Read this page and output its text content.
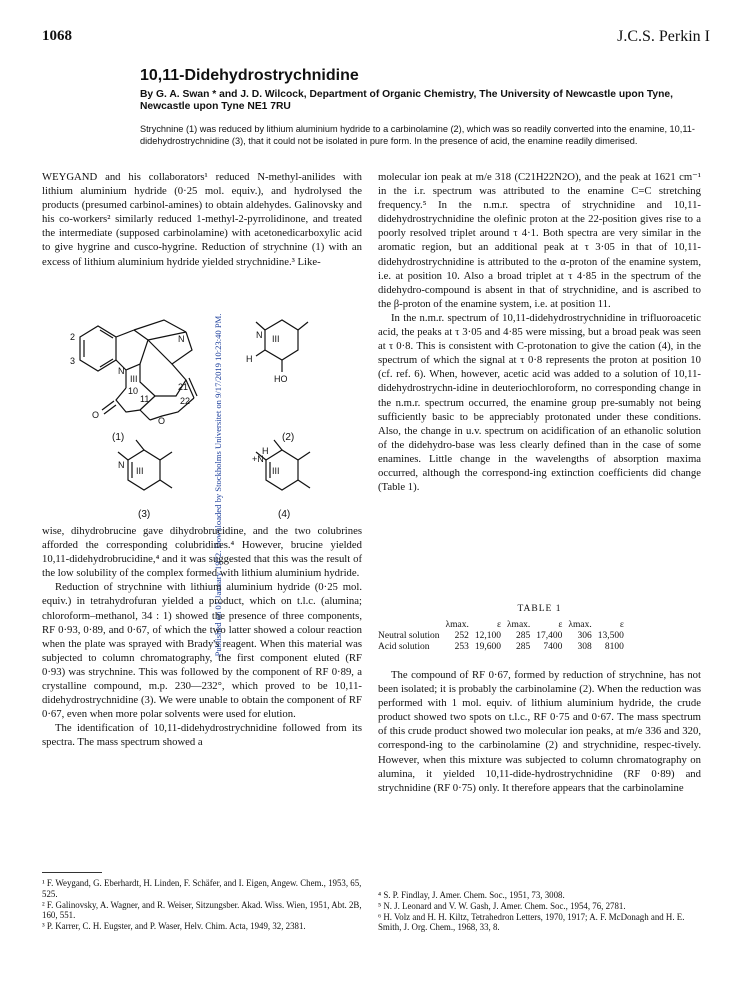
1068	J.C.S. Perkin I
Published on 01 January 1972. Downloaded by Stockholms Universitet on 9/17/2019 10:23:40 PM.
10,11-Didehydrostrychnidine
By G. A. Swan * and J. D. Wilcock, Department of Organic Chemistry, The University of Newcastle upon Tyne, Newcastle upon Tyne NE1 7RU
Strychnine (1) was reduced by lithium aluminium hydride to a carbinolamine (2), which was so readily converted into the enamine, 10,11-didehydrostrychnidine (3), that it could not be isolated in pure form. In the presence of acid, the enamine readily dimerised.

WEYGAND and his collaborators¹ reduced N-methyl-anilides with lithium aluminium hydride (0·25 mol. equiv.), and hydrolysed the products (presumed carbinol-amines) to obtain aldehydes. Galinovsky and his co-workers² similarly reduced 1-methyl-2-pyrrolidinone, and treated the intermediate (supposed carbinolamine) with acetonedicarboxylic acid to give hygrine and cusco-hygrine. Reduction of strychnine (1) with an excess of lithium aluminium hydride yielded strychnidine.³ Like-

2
3
N
N
III
10
11
21
22
O
O
N III
H
HO
N
III
+N
III
H
(1)	(2)
(3)	(4)

wise, dihydrobrucine gave dihydrobrucidine, and the two colubrines afforded the corresponding colubridines.⁴ However, brucine yielded 10,11-didehydrobrucidine,⁴ and it was suggested that this was the result of the low solubility of the complex formed with lithium aluminium hydride.

Reduction of strychnine with lithium aluminium hydride (0·25 mol. equiv.) in tetrahydrofuran yielded a product, which on t.l.c. (alumina; chloroform–methanol, 34 : 1) showed the presence of three components, RF 0·93, 0·89, and 0·67, of which the two latter showed a colour reaction when the plate was sprayed with Brady's reagent. When this material was subjected to column chromatography, the first component eluted (RF 0·93) was strychnine. This was followed by the component of RF 0·89, a crystalline compound, m.p. 230—232°, which proved to be 10,11-didehydrostrychnidine (3). We were unable to obtain the component of RF 0·67, even when more polar solvents were used for elution.

The identification of 10,11-didehydrostrychnidine followed from its spectra. The mass spectrum showed a

¹ F. Weygand, G. Eberhardt, H. Linden, F. Schäfer, and I. Eigen, Angew. Chem., 1953, 65, 525.

² F. Galinovsky, A. Wagner, and R. Weiser, Sitzungsber. Akad. Wiss. Wien, 1951, Abt. 2B, 160, 551.

³ P. Karrer, C. H. Eugster, and P. Waser, Helv. Chim. Acta, 1949, 32, 2381.

molecular ion peak at m/e 318 (C21H22N2O), and the peak at 1621 cm⁻¹ in the i.r. spectrum was attributed to the enamine C=C stretching frequency.⁵ In the n.m.r. spectra of strychnidine and 10,11-didehydrostrychnidine the olefinic proton at the 22-position gives rise to a poorly resolved triplet around τ 4·1. Both spectra are very similar in the aromatic region, but an additional peak at τ 3·05 in that of 10,11-didehydrostrychnidine is attributed to the α-proton of the enamine system, i.e. at position 10. Also a broad triplet at τ 4·85 in the spectrum of the didehydro-compound is absent in that of strychnidine, and is ascribed to the β-proton of the enamine system, i.e. at position 11.

In the n.m.r. spectrum of 10,11-didehydrostrychnidine in trifluoroacetic acid, the peaks at τ 3·05 and 4·85 were missing, but a broad peak was seen at τ 0·8. This is consistent with C-protonation to give the cation (4), in the spectrum of which the signal at τ 0·8 represents the proton at position 10 (cf. ref. 6). When, however, acetic acid was added to a solution of 10,11-didehydrostrychn-idine in deuteriochloroform, no corresponding change in the n.m.r. spectrum occurred, the enamine group pre-sumably not being sufficiently basic to be appreciably protonated under these conditions. Also, the change in u.v. spectrum on acidification of an ethanolic solution of the didehydro-base was less clearly defined than in the case of some enamines. Little change in the wavelengths of absorption maxima occurred, although the correspond-ing extinction coefficients did change (Table 1).

TABLE 1
	λmax.	ε	λmax.	ε	λmax.	ε
Neutral solution	252	12,100	285	17,400	306	13,500
Acid solution	253	19,600	285	7400	308	8100

The compound of RF 0·67, formed by reduction of strychnine, has not been isolated; it is probably the carbinolamine (2). When the reduction was performed with 1 mol. equiv. of lithium aluminium hydride, the crude product showed two spots on t.l.c., RF 0·75 and 0·67. The mass spectrum of this crude product showed two molecular ion peaks, at m/e 336 and 320, correspond-ing to the carbinolamine (2) and strychnidine, respec-tively. However, when this mixture was subjected to column chromatography on alumina, it yielded 10,11-dide-hydrostrychnidine (RF 0·89) and strychnidine (RF 0·75) only. It therefore appears that the carbinolamine

⁴ S. P. Findlay, J. Amer. Chem. Soc., 1951, 73, 3008.

⁵ N. J. Leonard and V. W. Gash, J. Amer. Chem. Soc., 1954, 76, 2781.

⁶ H. Volz and H. H. Kiltz, Tetrahedron Letters, 1970, 1917; A. F. McDonagh and H. E. Smith, J. Org. Chem., 1968, 33, 8.
